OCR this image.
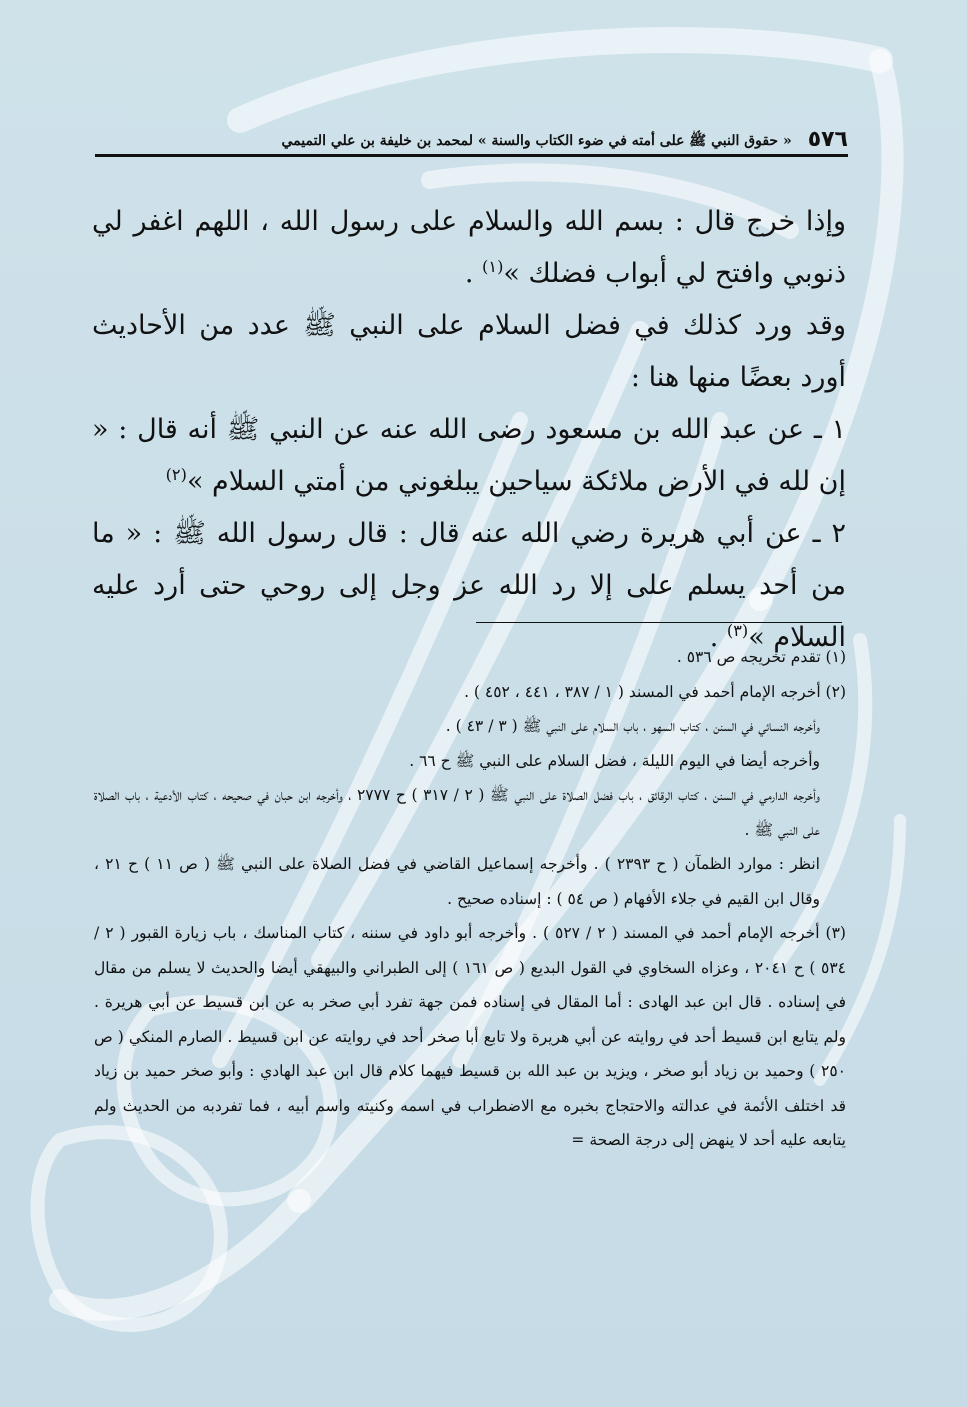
٥٧٦
« حقوق النبي ﷺ على أمته في ضوء الكتاب والسنة » لمحمد بن خليفة بن علي التميمي

وإذا خرج قال : بسم الله والسلام على رسول الله ، اللهم اغفر لي ذنوبي وافتح لي أبواب فضلك »$^{(١)}$ .

وقد ورد كذلك في فضل السلام على النبي ﷺ عدد من الأحاديث أورد بعضًا منها هنا :

١ ـ عن عبد الله بن مسعود رضى الله عنه عن النبي ﷺ أنه قال : « إن لله في الأرض ملائكة سياحين يبلغوني من أمتي السلام »$^{(٢)}$

٢ ـ عن أبي هريرة رضي الله عنه قال : قال رسول الله ﷺ : « ما من أحد يسلم على إلا رد الله عز وجل إلى روحي حتى أرد عليه السلام »$^{(٣)}$ .

(١) تقدم تخريجه ص ٥٣٦ .

(٢) أخرجه الإمام أحمد في المسند ( ١ / ٣٨٧ ، ٤٤١ ، ٤٥٢ ) .

وأخرجه النسائي في السنن ، كتاب السهو ، باب السلام على النبي ﷺ ( ٣ / ٤٣ ) .

وأخرجه أيضا في اليوم الليلة ، فضل السلام على النبي ﷺ ح ٦٦ .

وأخرجه الدارمي في السنن ، كتاب الرقائق ، باب فضل الصلاة على النبي ﷺ ( ٢ / ٣١٧ ) ح ٢٧٧٧ ، وأخرجه ابن حبان في صحيحه ، كتاب الأدعية ، باب الصلاة على النبي ﷺ .

انظر : موارد الظمآن ( ح ٢٣٩٣ ) . وأخرجه إسماعيل القاضي في فضل الصلاة على النبي ﷺ ( ص ١١ ) ح ٢١ ، وقال ابن القيم في جلاء الأفهام ( ص ٥٤ ) : إسناده صحيح .

(٣) أخرجه الإمام أحمد في المسند ( ٢ / ٥٢٧ ) . وأخرجه أبو داود في سننه ، كتاب المناسك ، باب زيارة القبور ( ٢ / ٥٣٤ ) ح ٢٠٤١ ، وعزاه السخاوي في القول البديع ( ص ١٦١ ) إلى الطبراني والبيهقي أيضا والحديث لا يسلم من مقال في إسناده . قال ابن عبد الهادى : أما المقال في إسناده فمن جهة تفرد أبي صخر به عن ابن قسيط عن أبي هريرة . ولم يتابع ابن قسيط أحد في روايته عن أبي هريرة ولا تابع أبا صخر أحد في روايته عن ابن قسيط . الصارم المنكي ( ص ٢٥٠ ) وحميد بن زياد أبو صخر ، ويزيد بن عبد الله بن قسيط فيهما كلام قال ابن عبد الهادي : وأبو صخر حميد بن زياد قد اختلف الأئمة في عدالته والاحتجاج بخبره مع الاضطراب في اسمه وكنيته واسم أبيه ، فما تفردبه من الحديث ولم يتابعه عليه أحد لا ينهض إلى درجة الصحة =
